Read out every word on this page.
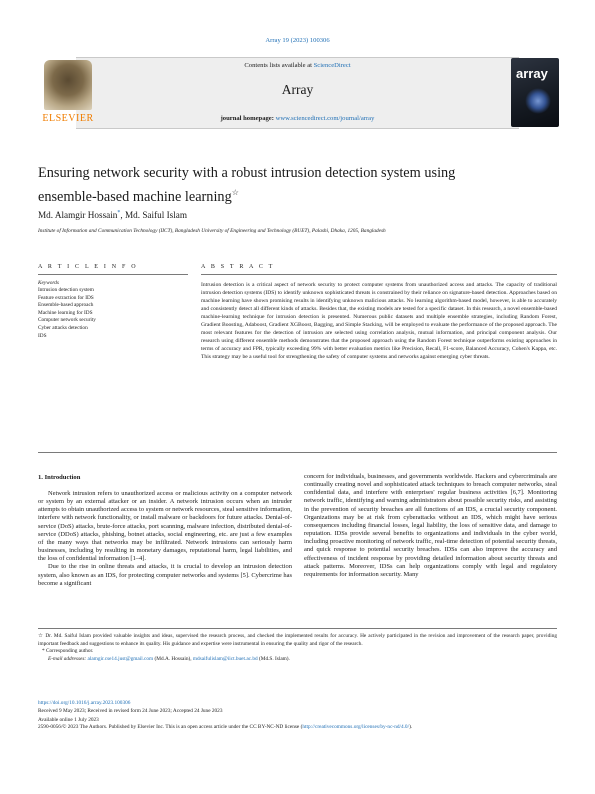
Array 19 (2023) 100306
Contents lists available at ScienceDirect
Array
journal homepage: www.sciencedirect.com/journal/array
ELSEVIER
array
Ensuring network security with a robust intrusion detection system using ensemble-based machine learning☆
Md. Alamgir Hossain*, Md. Saiful Islam
Institute of Information and Communication Technology (IICT), Bangladesh University of Engineering and Technology (BUET), Palashi, Dhaka, 1205, Bangladesh
A R T I C L E I N F O	A B S T R A C T
Keywords
Intrusion detection system
Feature extraction for IDS
Ensemble-based approach
Machine learning for IDS
Computer network security
Cyber attacks detection
IDS
Intrusion detection is a critical aspect of network security to protect computer systems from unauthorized access and attacks. The capacity of traditional intrusion detection systems (IDS) to identify unknown sophisticated threats is constrained by their reliance on signature-based detection. Approaches based on machine learning have shown promising results in identifying unknown malicious attacks. No learning algorithm-based model, however, is able to accurately and consistently detect all different kinds of attacks. Besides that, the existing models are tested for a specific dataset. In this research, a novel ensemble-based machine-learning technique for intrusion detection is presented. Numerous public datasets and multiple ensemble strategies, including Random Forest, Gradient Boosting, Adaboost, Gradient XGBoost, Bagging, and Simple Stacking, will be employed to evaluate the performance of the proposed approach. The most relevant features for the detection of intrusion are selected using correlation analysis, mutual information, and principal component analysis. Our research using different ensemble methods demonstrates that the proposed approach using the Random Forest technique outperforms existing approaches in terms of accuracy and FPR, typically exceeding 99% with better evaluation metrics like Precision, Recall, F1-score, Balanced Accuracy, Cohen's Kappa, etc. This strategy may be a useful tool for strengthening the safety of computer systems and networks against emerging cyber threats.
1. Introduction

Network intrusion refers to unauthorized access or malicious activity on a computer network or system by an external attacker or an insider. A network intrusion occurs when an intruder attempts to obtain unauthorized access to system or network resources, steal sensitive information, interfere with network functionality, or install malware or backdoors for future attacks. Denial-of-service (DoS) attacks, brute-force attacks, port scanning, malware infection, distributed denial-of-service (DDoS) attacks, phishing, botnet attacks, social engineering, etc. are just a few examples of the many ways that networks may be infiltrated. Network intrusions can seriously harm businesses, including by resulting in monetary damages, reputational harm, legal liabilities, and the loss of confidential information [1–4].

Due to the rise in online threats and attacks, it is crucial to develop an intrusion detection system, also known as an IDS, for protecting computer networks and systems [5]. Cybercrime has become a significant

concern for individuals, businesses, and governments worldwide. Hackers and cybercriminals are continually creating novel and sophisticated attack techniques to breach computer networks, steal confidential data, and interfere with enterprises' regular business activities [6,7]. Monitoring network traffic, identifying and warning administrators about possible security risks, and assisting in the prevention of security breaches are all functions of an IDS, a crucial security component. Organizations may be at risk from cyberattacks without an IDS, which might have serious consequences including financial losses, legal liability, the loss of sensitive data, and damage to reputation. IDSs provide several benefits to organizations and individuals in the cyber world, including proactive monitoring of network traffic, real-time detection of potential security threats, and quick response to potential security breaches. IDSs can also improve the accuracy and effectiveness of incident response by providing detailed information about security threats and attack patterns. Moreover, IDSs can help organizations comply with legal and regulatory requirements for information security. Many

☆ Dr. Md. Saiful Islam provided valuable insights and ideas, supervised the research process, and checked the implemented results for accuracy. He actively participated in the revision and improvement of the research paper, providing important feedback and suggestions to enhance its quality. His guidance and expertise were instrumental in ensuring the quality and rigor of the research.
* Corresponding author.
E-mail addresses: alamgir.cse14.just@gmail.com (Md.A. Hossain), mdsaifulislam@iict.buet.ac.bd (Md.S. Islam).
https://doi.org/10.1016/j.array.2023.100306
Received 9 May 2023; Received in revised form 24 June 2023; Accepted 24 June 2023
Available online 1 July 2023
2590-0056/© 2023 The Authors. Published by Elsevier Inc. This is an open access article under the CC BY-NC-ND license (http://creativecommons.org/licenses/by-nc-nd/4.0/).
